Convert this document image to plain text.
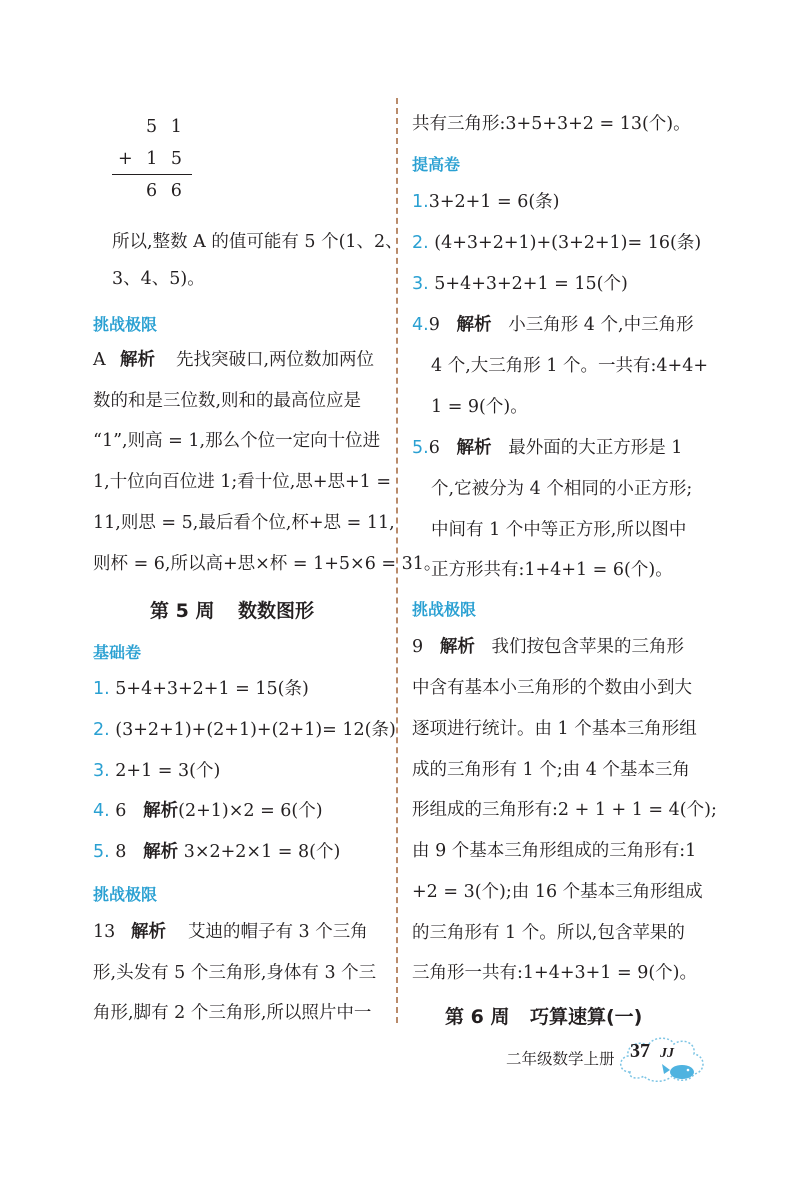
5 1
+ 1 5
6 6
所以,整数 A 的值可能有 5 个(1、2、
3、4、5)。
挑战极限
A 解析 先找突破口,两位数加两位
数的和是三位数,则和的最高位应是
“1”,则高 = 1,那么个位一定向十位进
1,十位向百位进 1;看十位,思+思+1 =
11,则思 = 5,最后看个位,杯+思 = 11,
则杯 = 6,所以高+思×杯 = 1+5×6 = 31。
第 5 周 数数图形
基础卷
1. 5+4+3+2+1 = 15(条)
2. (3+2+1)+(2+1)+(2+1)= 12(条)
3. 2+1 = 3(个)
4. 6 解析(2+1)×2 = 6(个)
5. 8 解析 3×2+2×1 = 8(个)
挑战极限
13 解析 艾迪的帽子有 3 个三角
形,头发有 5 个三角形,身体有 3 个三
角形,脚有 2 个三角形,所以照片中一
共有三角形:3+5+3+2 = 13(个)。
提高卷
1.3+2+1 = 6(条)
2. (4+3+2+1)+(3+2+1)= 16(条)
3. 5+4+3+2+1 = 15(个)
4.9 解析 小三角形 4 个,中三角形
4 个,大三角形 1 个。一共有:4+4+
1 = 9(个)。
5.6 解析 最外面的大正方形是 1
个,它被分为 4 个相同的小正方形;
中间有 1 个中等正方形,所以图中
正方形共有:1+4+1 = 6(个)。
挑战极限
9 解析 我们按包含苹果的三角形
中含有基本小三角形的个数由小到大
逐项进行统计。由 1 个基本三角形组
成的三角形有 1 个;由 4 个基本三角
形组成的三角形有:2 + 1 + 1 = 4(个);
由 9 个基本三角形组成的三角形有:1
+2 = 3(个);由 16 个基本三角形组成
的三角形有 1 个。所以,包含苹果的
三角形一共有:1+4+3+1 = 9(个)。
第 6 周 巧算速算(一)
二年级数学上册 37 JJ
